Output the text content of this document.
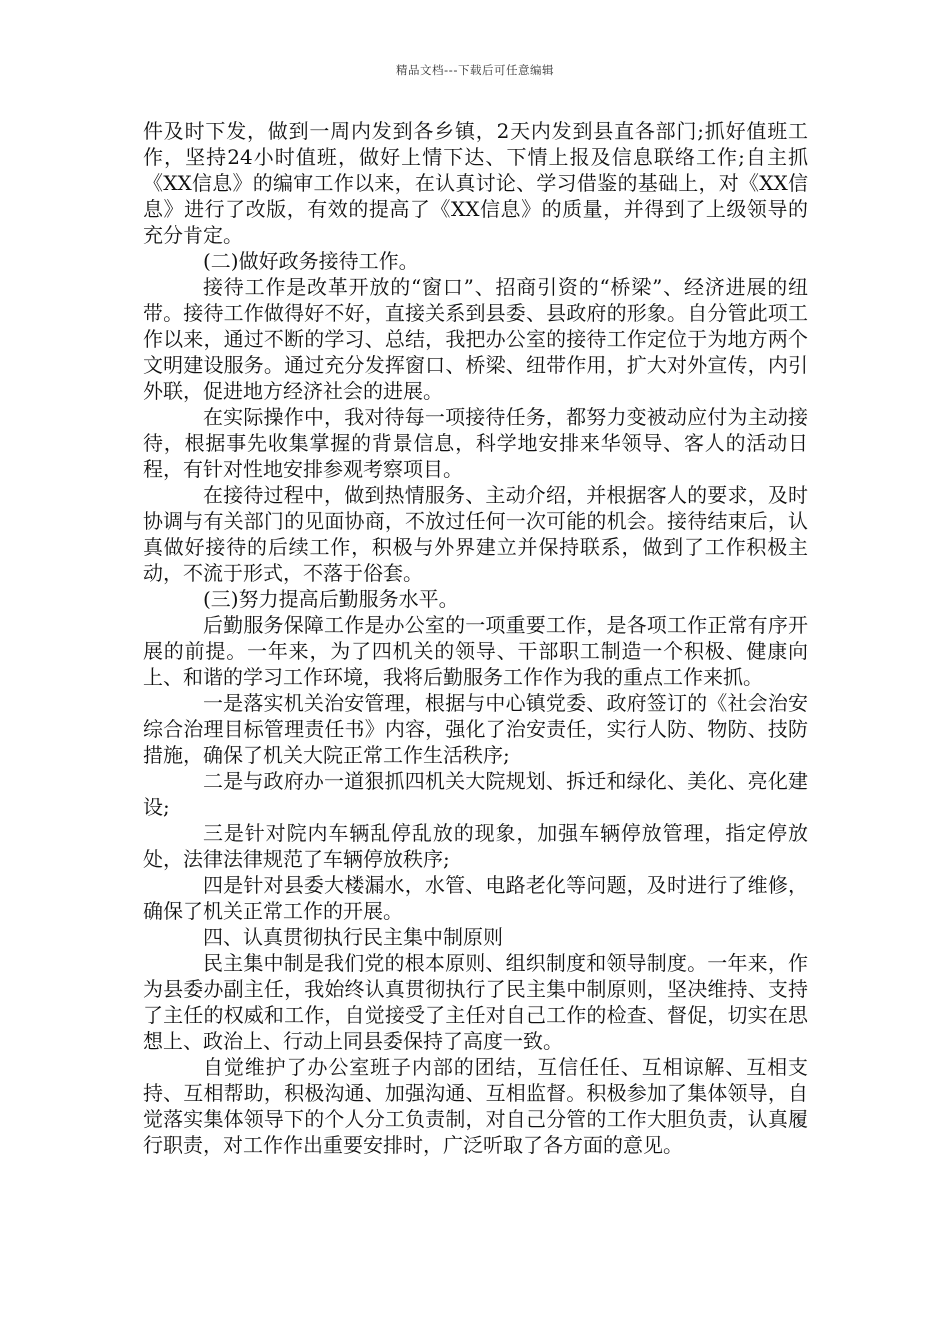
精品文档---下载后可任意编辑

件及时下发，做到一周内发到各乡镇，2天内发到县直各部门;抓好值班工作，坚持24小时值班，做好上情下达、下情上报及信息联络工作;自主抓《XX信息》的编审工作以来，在认真讨论、学习借鉴的基础上，对《XX信息》进行了改版，有效的提高了《XX信息》的质量，并得到了上级领导的充分肯定。

(二)做好政务接待工作。

接待工作是改革开放的“窗口”、招商引资的“桥梁”、经济进展的纽带。接待工作做得好不好，直接关系到县委、县政府的形象。自分管此项工作以来，通过不断的学习、总结，我把办公室的接待工作定位于为地方两个文明建设服务。通过充分发挥窗口、桥梁、纽带作用，扩大对外宣传，内引外联，促进地方经济社会的进展。

在实际操作中，我对待每一项接待任务，都努力变被动应付为主动接待，根据事先收集掌握的背景信息，科学地安排来华领导、客人的活动日程，有针对性地安排参观考察项目。

在接待过程中，做到热情服务、主动介绍，并根据客人的要求，及时协调与有关部门的见面协商，不放过任何一次可能的机会。接待结束后，认真做好接待的后续工作，积极与外界建立并保持联系，做到了工作积极主动，不流于形式，不落于俗套。

(三)努力提高后勤服务水平。

后勤服务保障工作是办公室的一项重要工作，是各项工作正常有序开展的前提。一年来，为了四机关的领导、干部职工制造一个积极、健康向上、和谐的学习工作环境，我将后勤服务工作作为我的重点工作来抓。

一是落实机关治安管理，根据与中心镇党委、政府签订的《社会治安综合治理目标管理责任书》内容，强化了治安责任，实行人防、物防、技防措施，确保了机关大院正常工作生活秩序;

二是与政府办一道狠抓四机关大院规划、拆迁和绿化、美化、亮化建设;

三是针对院内车辆乱停乱放的现象，加强车辆停放管理，指定停放处，法律法律规范了车辆停放秩序;

四是针对县委大楼漏水，水管、电路老化等问题，及时进行了维修，确保了机关正常工作的开展。

四、认真贯彻执行民主集中制原则

民主集中制是我们党的根本原则、组织制度和领导制度。一年来，作为县委办副主任，我始终认真贯彻执行了民主集中制原则，坚决维持、支持了主任的权威和工作，自觉接受了主任对自己工作的检查、督促，切实在思想上、政治上、行动上同县委保持了高度一致。

自觉维护了办公室班子内部的团结，互信任任、互相谅解、互相支持、互相帮助，积极沟通、加强沟通、互相监督。积极参加了集体领导，自觉落实集体领导下的个人分工负责制，对自己分管的工作大胆负责，认真履行职责，对工作作出重要安排时，广泛听取了各方面的意见。
